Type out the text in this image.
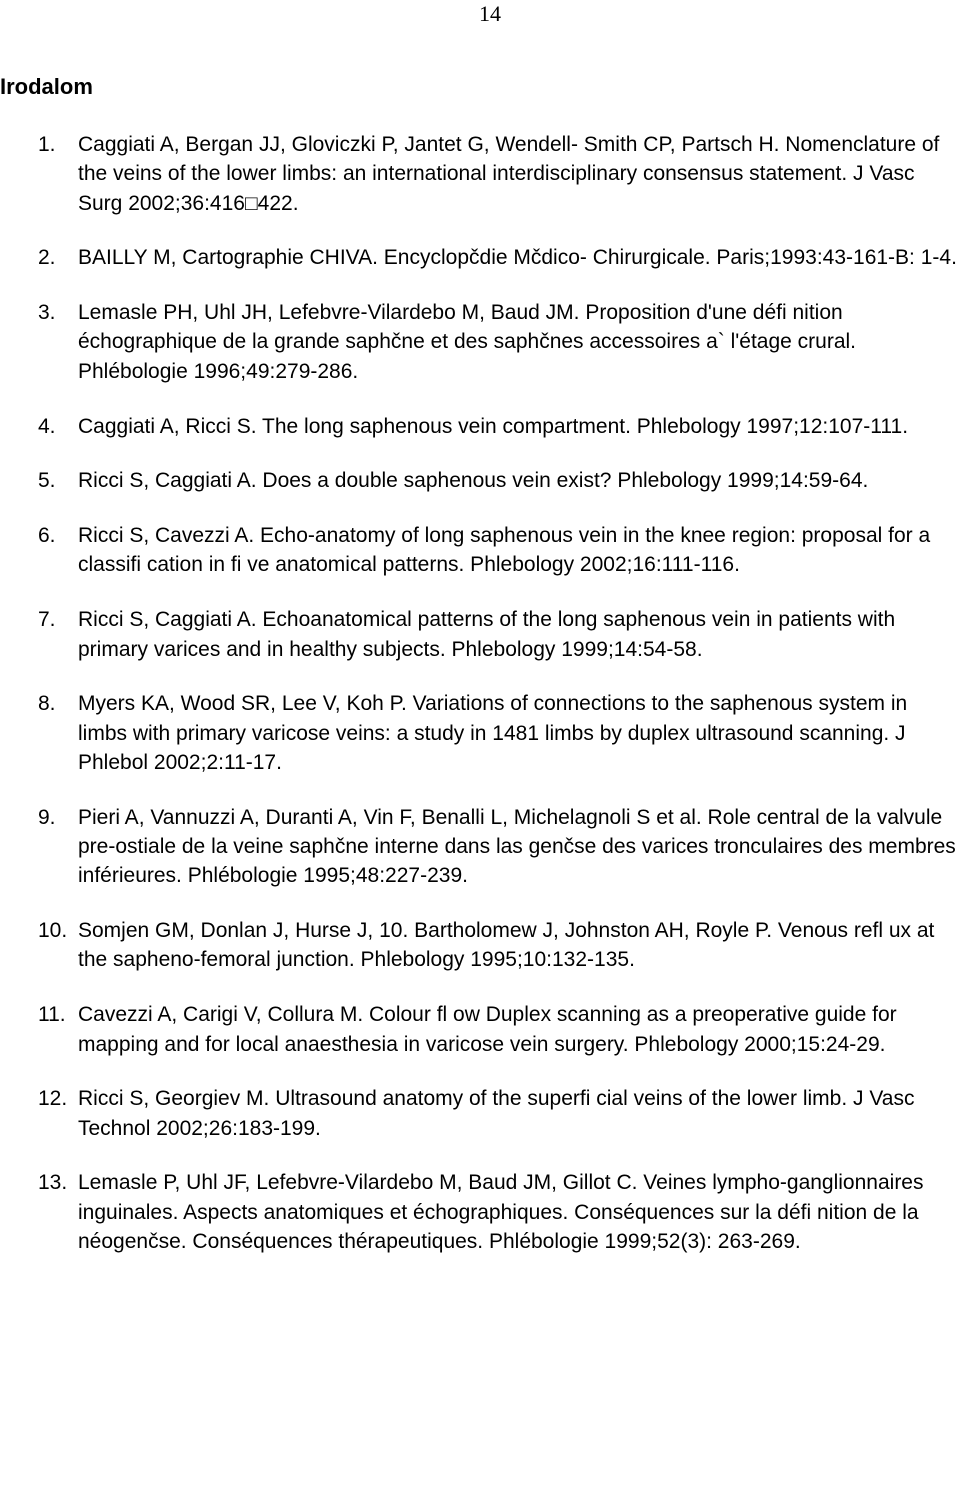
14
Irodalom
1. Caggiati A, Bergan JJ, Gloviczki P, Jantet G, Wendell- Smith CP, Partsch H. Nomenclature of the veins of the lower limbs: an international interdisciplinary consensus statement. J Vasc Surg 2002;36:416□422.
2. BAILLY M, Cartographie CHIVA. Encyclopčdie Mčdico- Chirurgicale. Paris;1993:43-161-B: 1-4.
3. Lemasle PH, Uhl JH, Lefebvre-Vilardebo M, Baud JM. Proposition d'une défi nition échographique de la grande saphčne et des saphčnes accessoires a` l'étage crural. Phlébologie 1996;49:279-286.
4. Caggiati A, Ricci S. The long saphenous vein compartment. Phlebology 1997;12:107-111.
5. Ricci S, Caggiati A. Does a double saphenous vein exist? Phlebology 1999;14:59-64.
6. Ricci S, Cavezzi A. Echo-anatomy of long saphenous vein in the knee region: proposal for a classifi cation in fi ve anatomical patterns. Phlebology 2002;16:111-116.
7. Ricci S, Caggiati A. Echoanatomical patterns of the long saphenous vein in patients with primary varices and in healthy subjects. Phlebology 1999;14:54-58.
8. Myers KA, Wood SR, Lee V, Koh P. Variations of connections to the saphenous system in limbs with primary varicose veins: a study in 1481 limbs by duplex ultrasound scanning. J Phlebol 2002;2:11-17.
9. Pieri A, Vannuzzi A, Duranti A, Vin F, Benalli L, Michelagnoli S et al. Role central de la valvule pre-ostiale de la veine saphčne interne dans las genčse des varices tronculaires des membres inférieures. Phlébologie 1995;48:227-239.
10. Somjen GM, Donlan J, Hurse J, 10. Bartholomew J, Johnston AH, Royle P. Venous refl ux at the sapheno-femoral junction. Phlebology 1995;10:132-135.
11. Cavezzi A, Carigi V, Collura M. Colour fl ow Duplex scanning as a preoperative guide for mapping and for local anaesthesia in varicose vein surgery. Phlebology 2000;15:24-29.
12. Ricci S, Georgiev M. Ultrasound anatomy of the superfi cial veins of the lower limb. J Vasc Technol 2002;26:183-199.
13. Lemasle P, Uhl JF, Lefebvre-Vilardebo M, Baud JM, Gillot C. Veines lympho-ganglionnaires inguinales. Aspects anatomiques et échographiques. Conséquences sur la défi nition de la néogenčse. Conséquences thérapeutiques. Phlébologie 1999;52(3): 263-269.
